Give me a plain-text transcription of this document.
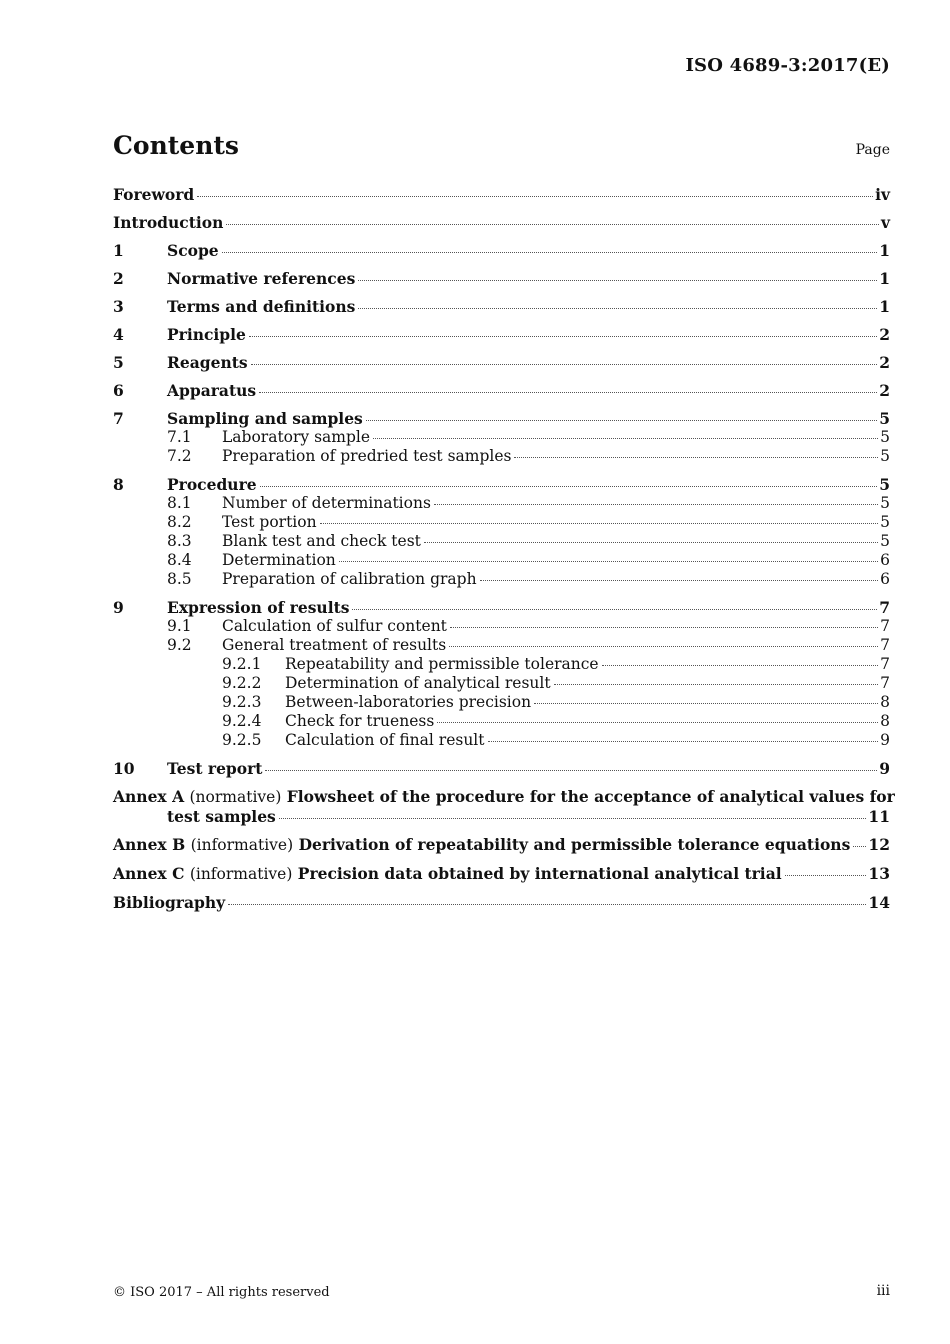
ISO 4689-3:2017(E)
Contents	Page
Foreword	iv
Introduction	v
1	Scope	1
2	Normative references	1
3	Terms and definitions	1
4	Principle	2
5	Reagents	2
6	Apparatus	2
7	Sampling and samples	5
7.1	Laboratory sample	5
7.2	Preparation of predried test samples	5
8	Procedure	5
8.1	Number of determinations	5
8.2	Test portion	5
8.3	Blank test and check test	5
8.4	Determination	6
8.5	Preparation of calibration graph	6
9	Expression of results	7
9.1	Calculation of sulfur content	7
9.2	General treatment of results	7
9.2.1	Repeatability and permissible tolerance	7
9.2.2	Determination of analytical result	7
9.2.3	Between-laboratories precision	8
9.2.4	Check for trueness	8
9.2.5	Calculation of final result	9
10	Test report	9
Annex A (normative) Flowsheet of the procedure for the acceptance of analytical values for
test samples	11
Annex B (informative) Derivation of repeatability and permissible tolerance equations 12
Annex C (informative) Precision data obtained by international analytical trial	13
Bibliography	14
© ISO 2017 – All rights reserved	iii
